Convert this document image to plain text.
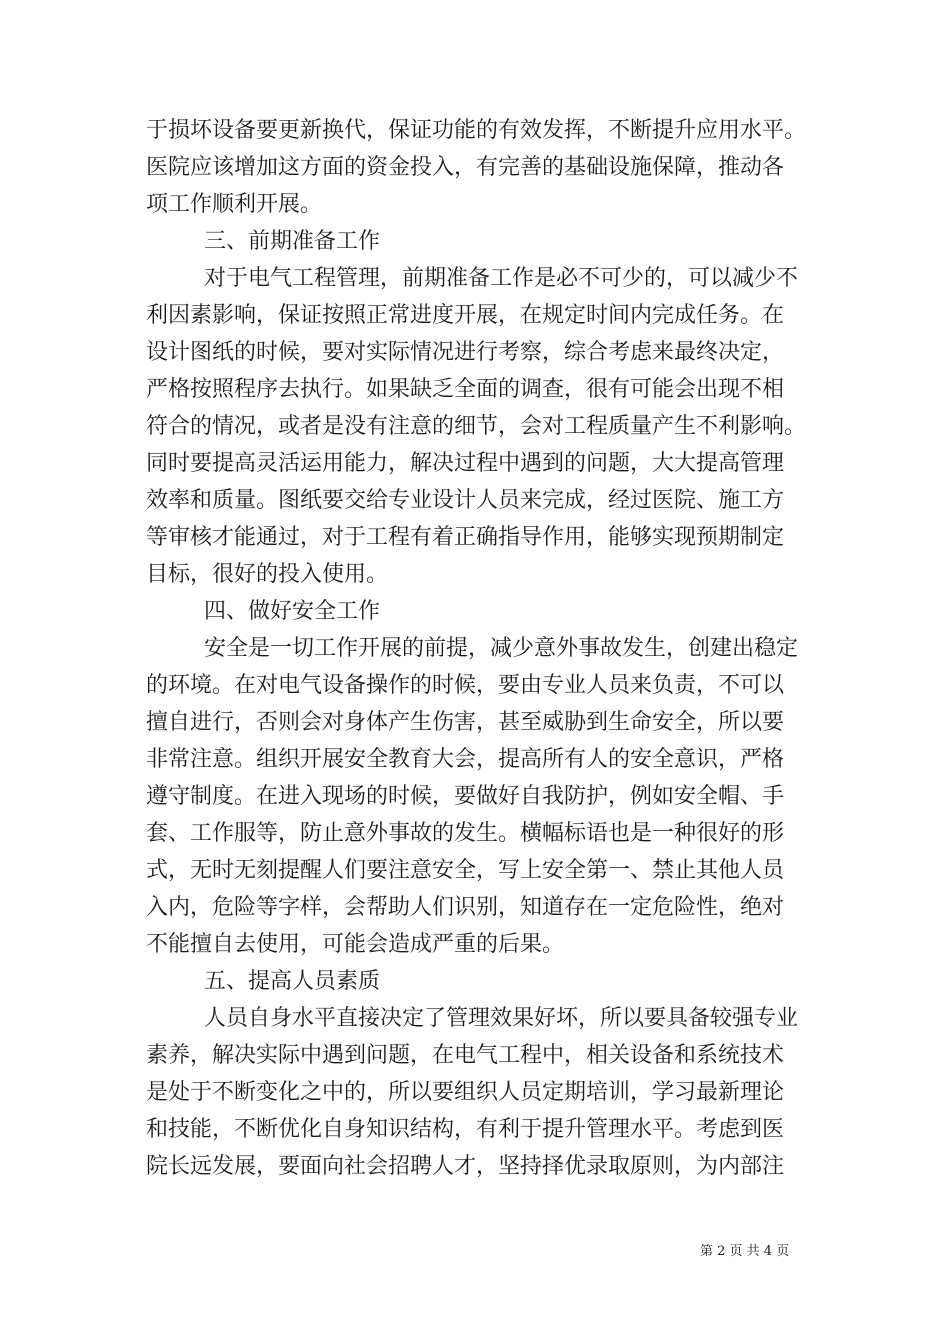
于损坏设备要更新换代，保证功能的有效发挥，不断提升应用水平。
医院应该增加这方面的资金投入，有完善的基础设施保障，推动各
项工作顺利开展。
三、前期准备工作
对于电气工程管理，前期准备工作是必不可少的，可以减少不
利因素影响，保证按照正常进度开展，在规定时间内完成任务。在
设计图纸的时候，要对实际情况进行考察，综合考虑来最终决定，
严格按照程序去执行。如果缺乏全面的调查，很有可能会出现不相
符合的情况，或者是没有注意的细节，会对工程质量产生不利影响。
同时要提高灵活运用能力，解决过程中遇到的问题，大大提高管理
效率和质量。图纸要交给专业设计人员来完成，经过医院、施工方
等审核才能通过，对于工程有着正确指导作用，能够实现预期制定
目标，很好的投入使用。
四、做好安全工作
安全是一切工作开展的前提，减少意外事故发生，创建出稳定
的环境。在对电气设备操作的时候，要由专业人员来负责，不可以
擅自进行，否则会对身体产生伤害，甚至威胁到生命安全，所以要
非常注意。组织开展安全教育大会，提高所有人的安全意识，严格
遵守制度。在进入现场的时候，要做好自我防护，例如安全帽、手
套、工作服等，防止意外事故的发生。横幅标语也是一种很好的形
式，无时无刻提醒人们要注意安全，写上安全第一、禁止其他人员
入内，危险等字样，会帮助人们识别，知道存在一定危险性，绝对
不能擅自去使用，可能会造成严重的后果。
五、提高人员素质
人员自身水平直接决定了管理效果好坏，所以要具备较强专业
素养，解决实际中遇到问题，在电气工程中，相关设备和系统技术
是处于不断变化之中的，所以要组织人员定期培训，学习最新理论
和技能，不断优化自身知识结构，有利于提升管理水平。考虑到医
院长远发展，要面向社会招聘人才，坚持择优录取原则，为内部注
第 2 页 共 4 页
